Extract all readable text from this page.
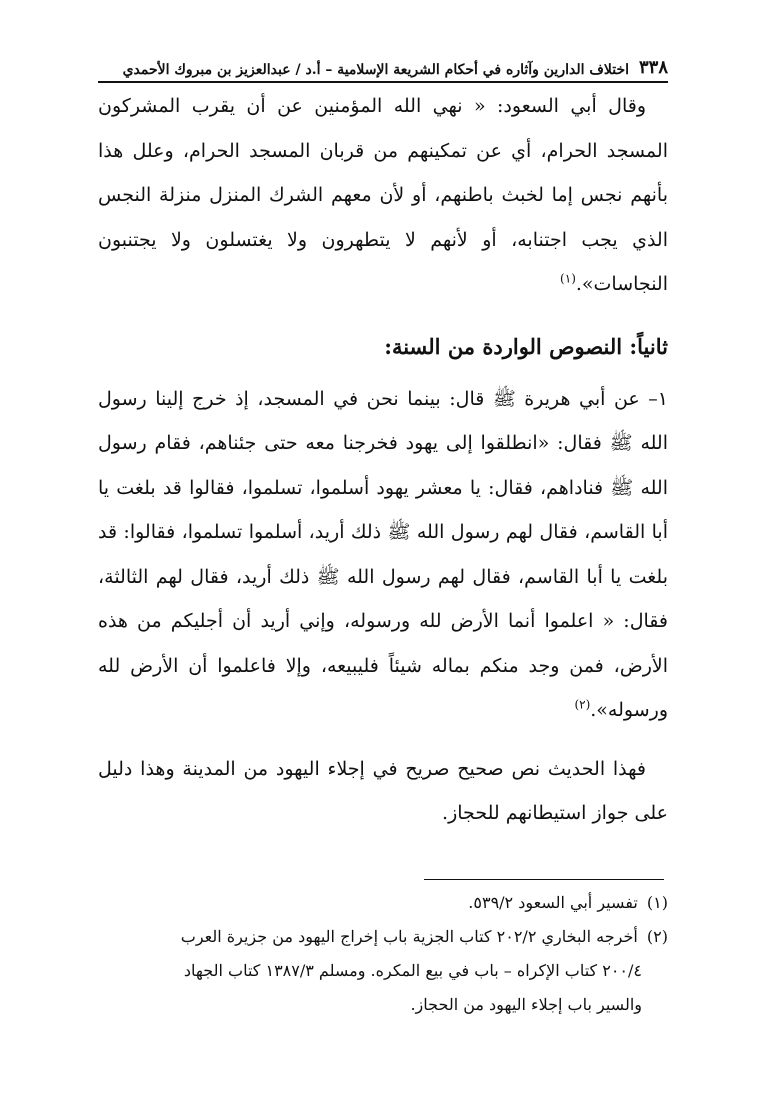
٣٣٨
اختلاف الدارين وآثاره في أحكام الشريعة الإسلامية – أ.د / عبدالعزيز بن مبروك الأحمدي

وقال أبي السعود: « نهي الله المؤمنين عن أن يقرب المشركون المسجد الحرام، أي عن تمكينهم من قربان المسجد الحرام، وعلل هذا بأنهم نجس إما لخبث باطنهم، أو لأن معهم الشرك المنزل منزلة النجس الذي يجب اجتنابه، أو لأنهم لا يتطهرون ولا يغتسلون ولا يجتنبون النجاسات».$^{(١)}$

ثانياً: النصوص الواردة من السنة:

١– عن أبي هريرة ﷺ قال: بينما نحن في المسجد، إذ خرج إلينا رسول الله ﷺ فقال: «انطلقوا إلى يهود فخرجنا معه حتى جئناهم، فقام رسول الله ﷺ فناداهم، فقال: يا معشر يهود أسلموا، تسلموا، فقالوا قد بلغت يا أبا القاسم، فقال لهم رسول الله ﷺ ذلك أريد، أسلموا تسلموا، فقالوا: قد بلغت يا أبا القاسم، فقال لهم رسول الله ﷺ ذلك أريد، فقال لهم الثالثة، فقال: « اعلموا أنما الأرض لله ورسوله، وإني أريد أن أجليكم من هذه الأرض، فمن وجد منكم بماله شيئاً فليبيعه، وإلا فاعلموا أن الأرض لله ورسوله».$^{(٢)}$

فهذا الحديث نص صحيح صريح في إجلاء اليهود من المدينة وهذا دليل على جواز استيطانهم للحجاز.

(١) تفسير أبي السعود ٥٣٩/٢.

(٢) أخرجه البخاري ٢٠٢/٢ كتاب الجزية باب إخراج اليهود من جزيرة العرب
٢٠٠/٤ كتاب الإكراه – باب في بيع المكره. ومسلم ١٣٨٧/٣ كتاب الجهاد
والسير باب إجلاء اليهود من الحجاز.
